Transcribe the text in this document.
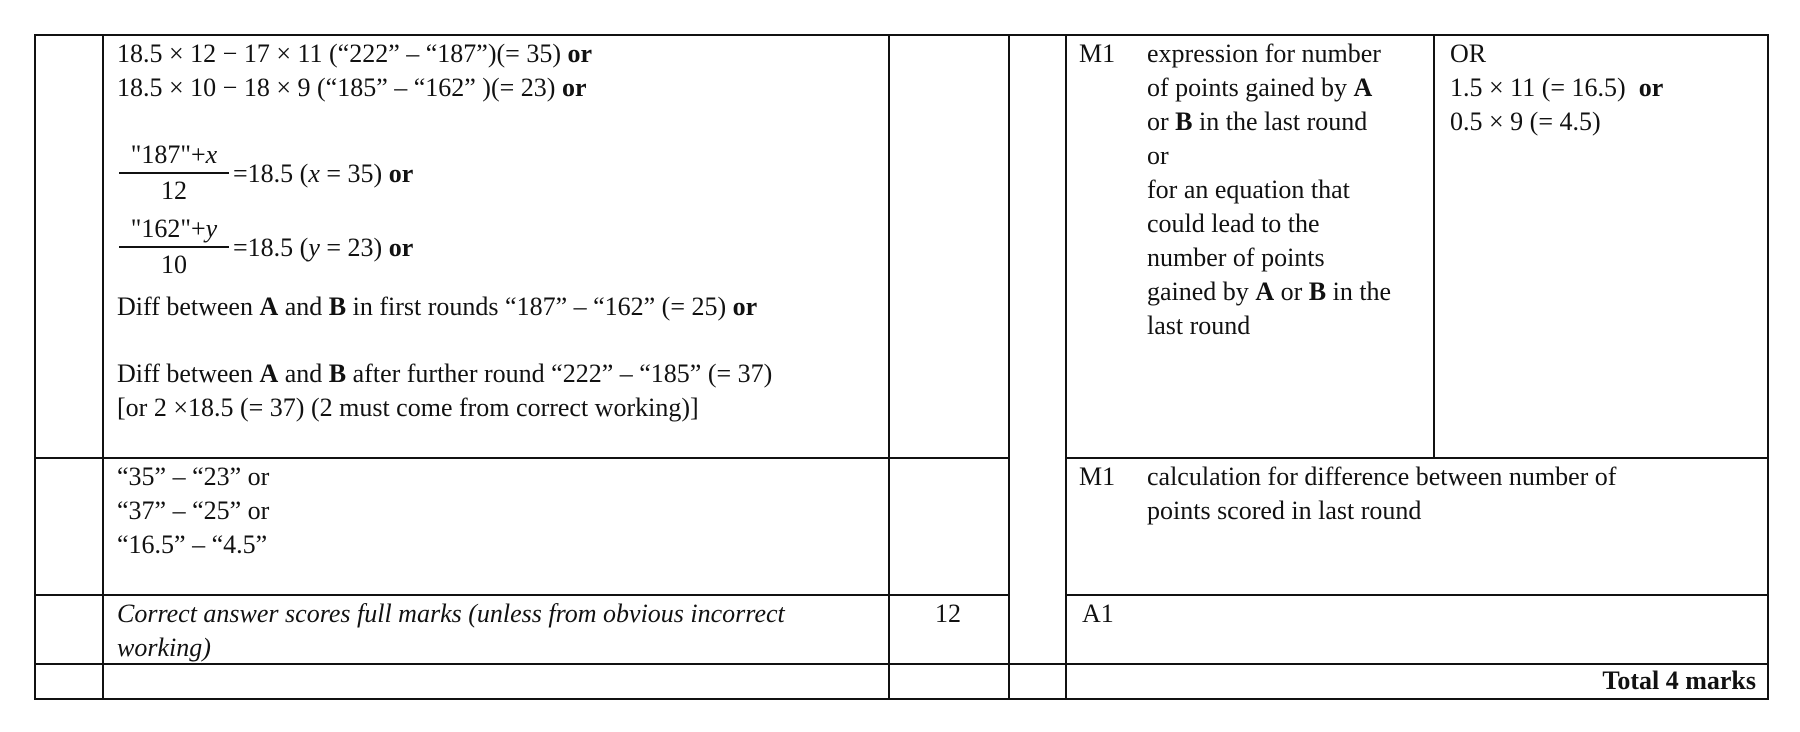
18.5 × 12 − 17 × 11 (“222” – “187”)(= 35) or
18.5 × 10 − 18 × 9 (“185” – “162” )(= 23) or
"187"+x
12
=18.5 (x = 35) or
"162"+y
10
=18.5 (y = 23) or
Diff between A and B in first rounds “187” – “162” (= 25) or
Diff between A and B after further round “222” – “185” (= 37)
[or 2 ×18.5 (= 37) (2 must come from correct working)]
M1 expression for number
of points gained by A
or B in the last round
or
for an equation that
could lead to the
number of points
gained by A or B in the
last round
OR
1.5 × 11 (= 16.5) or
0.5 × 9 (= 4.5)
“35” – “23” or
“37” – “25” or
“16.5” – “4.5”
M1 calculation for difference between number of
points scored in last round
Correct answer scores full marks (unless from obvious incorrect
working)
12	A1
Total 4 marks
